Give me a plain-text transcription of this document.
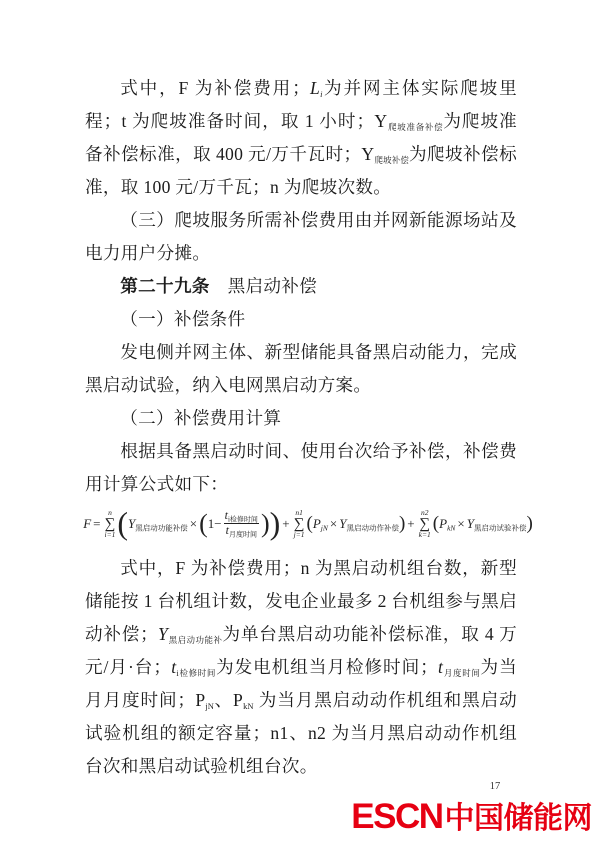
式中，F 为补偿费用；$L_i$为并网主体实际爬坡里程；t 为爬坡准备时间，取 1 小时；$Y_{爬坡准备补偿}$为爬坡准备补偿标准，取 400 元/万千瓦时；$Y_{爬坡补偿}$为爬坡补偿标准，取 100 元/万千瓦；n 为爬坡次数。

（三）爬坡服务所需补偿费用由并网新能源场站及电力用户分摊。

第二十九条　黑启动补偿

（一）补偿条件

发电侧并网主体、新型储能具备黑启动能力，完成黑启动试验，纳入电网黑启动方案。

（二）补偿费用计算

根据具备黑启动时间、使用台次给予补偿，补偿费用计算公式如下：

F =
n
∑
i=1 ( $Y_{黑启动功能补偿}$ × ( $1- \frac{t_{i检修时间}}{t_{月度时间}}$ ) ) +
n1
∑
j=1
( $P_{jN} \times Y_{黑启动动作补偿}$ ) +
n2
∑
k=1
( $P_{kN} \times Y_{黑启动试验补偿}$ )

式中，F 为补偿费用；n 为黑启动机组台数，新型储能按 1 台机组计数，发电企业最多 2 台机组参与黑启动补偿；$Y_{黑启动功能补}$为单台黑启动功能补偿标准，取 4 万元/月·台；$t_{i检修时间}$为发电机组当月检修时间；$t_{月度时间}$为当月月度时间；$P_{jN}$、$P_{kN}$ 为当月黑启动动作机组和黑启动试验机组的额定容量；n1、n2 为当月黑启动动作机组台次和黑启动试验机组台次。

17
ESCN 中国储能网
